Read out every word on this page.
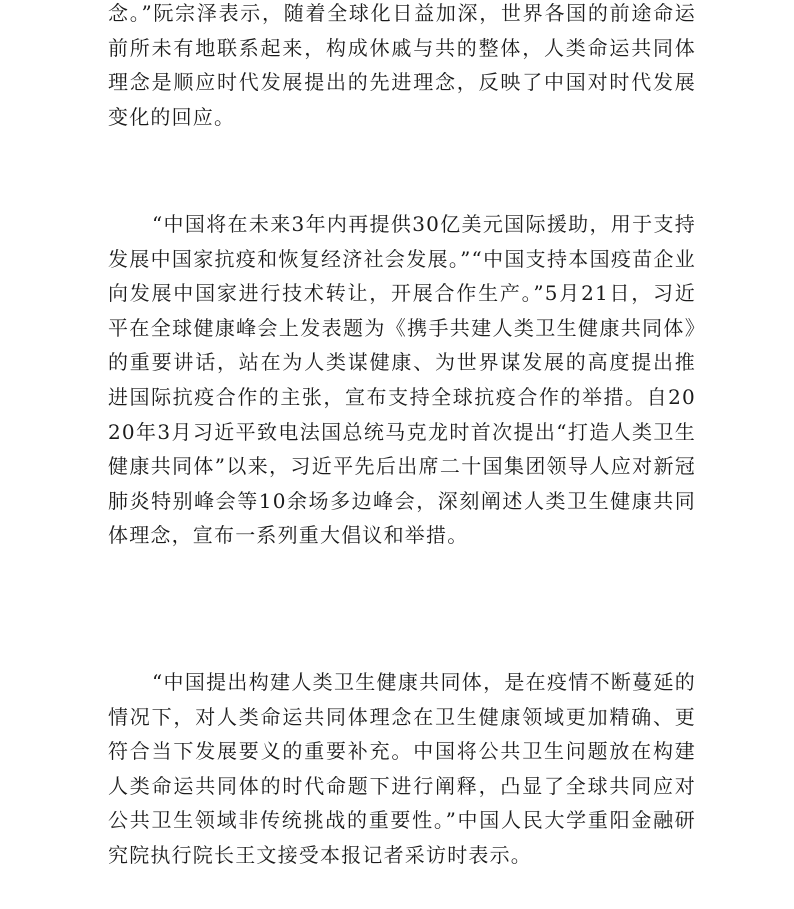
念。”阮宗泽表示，随着全球化日益加深，世界各国的前途命运前所未有地联系起来，构成休戚与共的整体，人类命运共同体理念是顺应时代发展提出的先进理念，反映了中国对时代发展变化的回应。

“中国将在未来3年内再提供30亿美元国际援助，用于支持发展中国家抗疫和恢复经济社会发展。”“中国支持本国疫苗企业向发展中国家进行技术转让，开展合作生产。”5月21日，习近平在全球健康峰会上发表题为《携手共建人类卫生健康共同体》的重要讲话，站在为人类谋健康、为世界谋发展的高度提出推进国际抗疫合作的主张，宣布支持全球抗疫合作的举措。自2020年3月习近平致电法国总统马克龙时首次提出“打造人类卫生健康共同体”以来，习近平先后出席二十国集团领导人应对新冠肺炎特别峰会等10余场多边峰会，深刻阐述人类卫生健康共同体理念，宣布一系列重大倡议和举措。

“中国提出构建人类卫生健康共同体，是在疫情不断蔓延的情况下，对人类命运共同体理念在卫生健康领域更加精确、更符合当下发展要义的重要补充。中国将公共卫生问题放在构建人类命运共同体的时代命题下进行阐释，凸显了全球共同应对公共卫生领域非传统挑战的重要性。”中国人民大学重阳金融研究院执行院长王文接受本报记者采访时表示。
